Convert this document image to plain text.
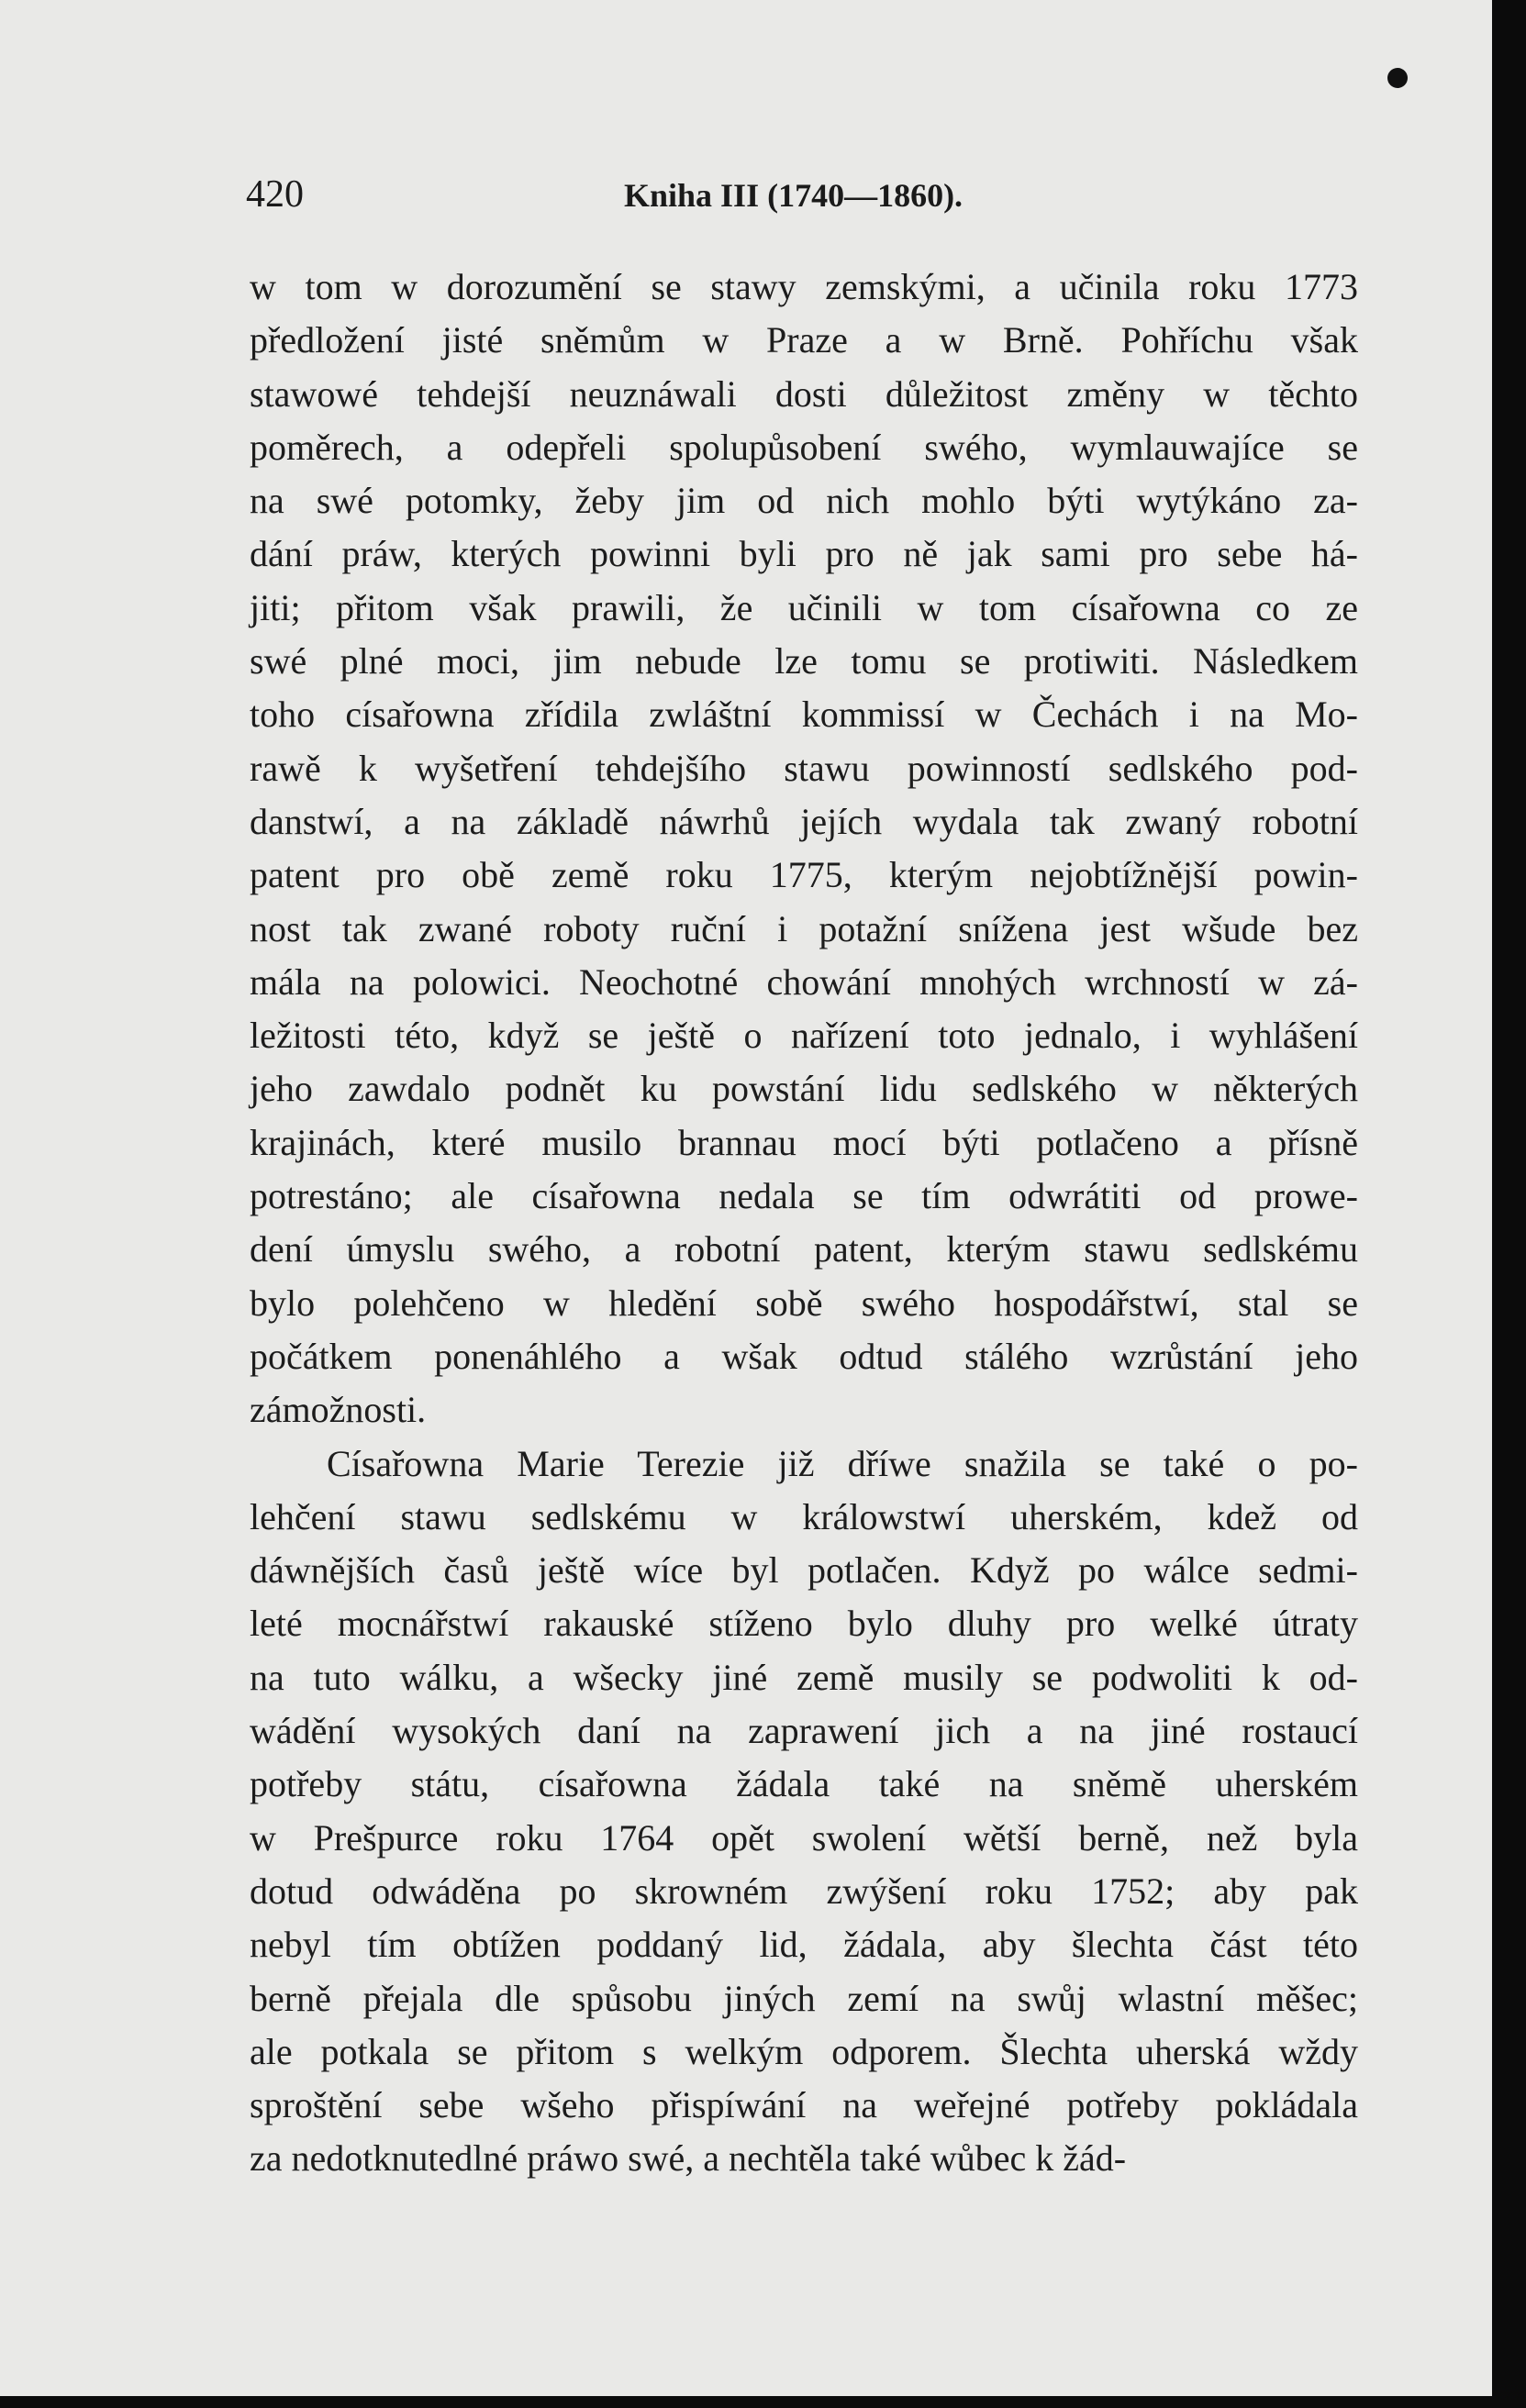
420	Kniha III (1740—1860).
w tom w dorozumění se stawy zemskými, a učinila roku 1773
předložení jisté sněmům w Praze a w Brně. Pohříchu však
stawowé tehdejší neuznáwali dosti důležitost změny w těchto
poměrech, a odepřeli spolupůsobení swého, wymlauwajíce se
na swé potomky, žeby jim od nich mohlo býti wytýkáno za-
dání práw, kterých powinni byli pro ně jak sami pro sebe há-
jiti; přitom však prawili, že učinili w tom císařowna co ze
swé plné moci, jim nebude lze tomu se protiwiti. Následkem
toho císařowna zřídila zwláštní kommissí w Čechách i na Mo-
rawě k wyšetření tehdejšího stawu powinností sedlského pod-
danstwí, a na základě náwrhů jejích wydala tak zwaný robotní
patent pro obě země roku 1775, kterým nejobtížnější powin-
nost tak zwané roboty ruční i potažní snížena jest wšude bez
mála na polowici. Neochotné chowání mnohých wrchností w zá-
ležitosti této, když se ještě o nařízení toto jednalo, i wyhlášení
jeho zawdalo podnět ku powstání lidu sedlského w některých
krajinách, které musilo brannau mocí býti potlačeno a přísně
potrestáno; ale císařowna nedala se tím odwrátiti od prowe-
dení úmyslu swého, a robotní patent, kterým stawu sedlskému
bylo polehčeno w hledění sobě swého hospodářstwí, stal se
počátkem ponenáhlého a wšak odtud stálého wzrůstání jeho
zámožnosti.
Císařowna Marie Terezie již dříwe snažila se také o po-
lehčení stawu sedlskému w králowstwí uherském, kdež od
dáwnějších časů ještě wíce byl potlačen. Když po wálce sedmi-
leté mocnářstwí rakauské stíženo bylo dluhy pro welké útraty
na tuto wálku, a wšecky jiné země musily se podwoliti k od-
wádění wysokých daní na zaprawení jich a na jiné rostaucí
potřeby státu, císařowna žádala také na sněmě uherském
w Prešpurce roku 1764 opět swolení wětší berně, než byla
dotud odwáděna po skrowném zwýšení roku 1752; aby pak
nebyl tím obtížen poddaný lid, žádala, aby šlechta část této
berně přejala dle spůsobu jiných zemí na swůj wlastní měšec;
ale potkala se přitom s welkým odporem. Šlechta uherská wždy
sproštění sebe wšeho přispíwání na weřejné potřeby pokládala
za nedotknutedlné práwo swé, a nechtěla také wůbec k žád-
